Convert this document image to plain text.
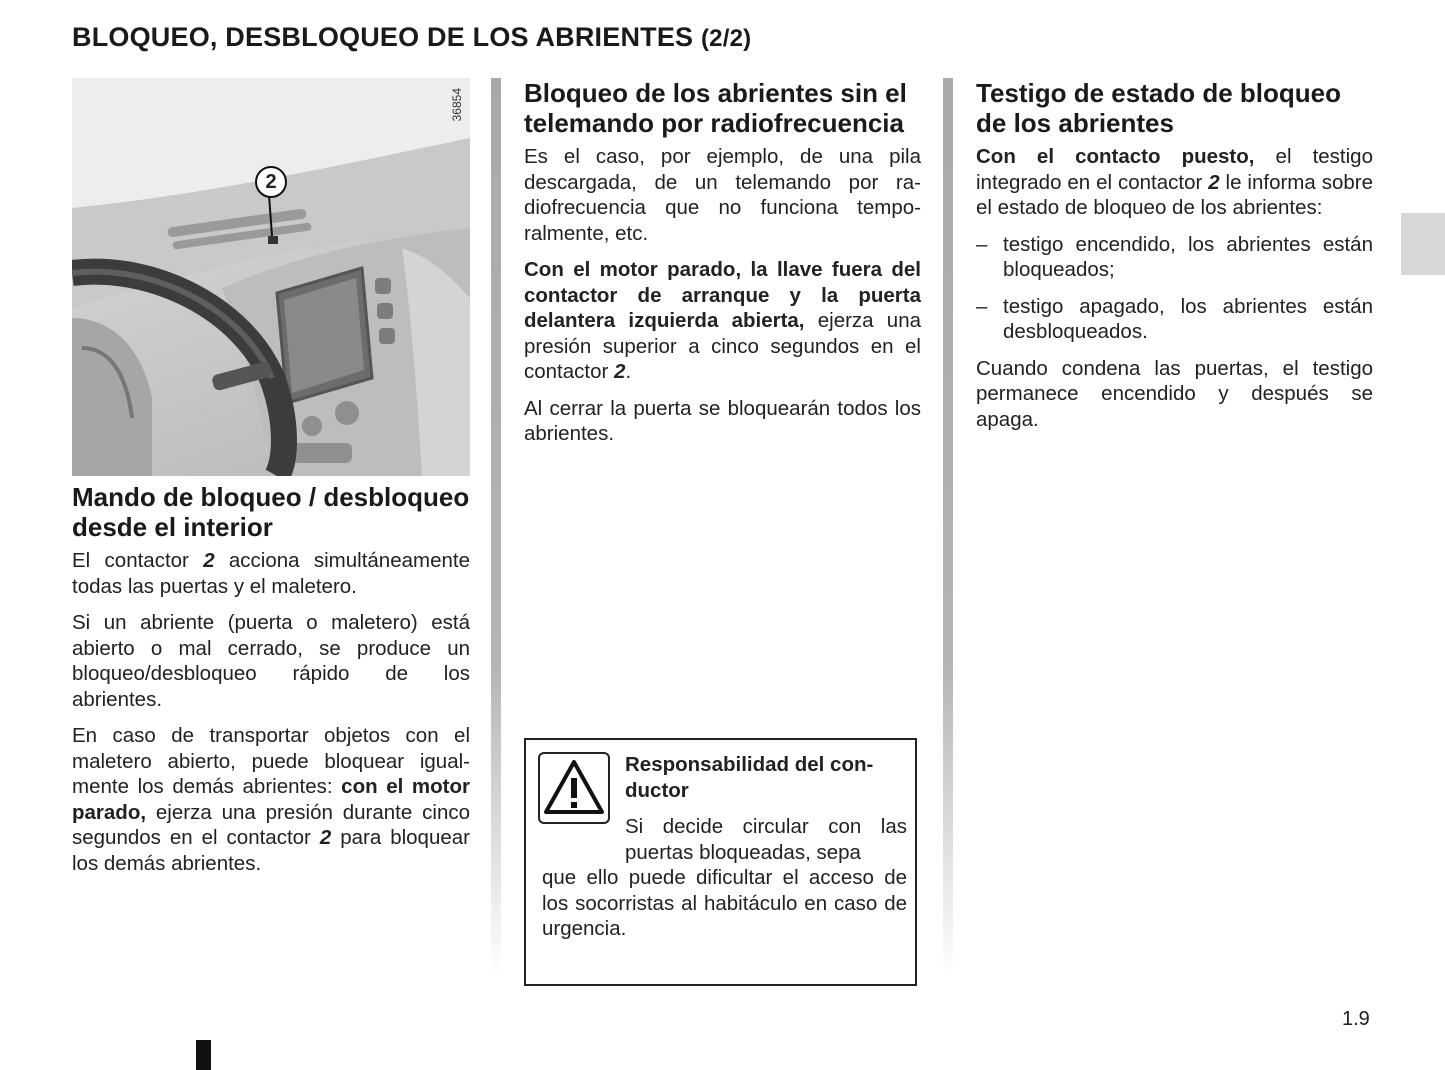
BLOQUEO, DESBLOQUEO DE LOS ABRIENTES (2/2)
2
36854
Mando de bloqueo / desbloqueo desde el interior

El contactor 2 acciona simultáneamente todas las puertas y el maletero.

Si un abriente (puerta o maletero) está abierto o mal cerrado, se produce un bloqueo/desbloqueo rápido de los abrientes.

En caso de transportar objetos con el maletero abierto, puede bloquear igualmente los demás abrientes: con el motor parado, ejerza una presión durante cinco segundos en el contactor 2 para bloquear los demás abrientes.

Bloqueo de los abrientes sin el telemando por radiofrecuencia

Es el caso, por ejemplo, de una pila descargada, de un telemando por radiofrecuencia que no funciona temporalmente, etc.

Con el motor parado, la llave fuera del contactor de arranque y la puerta delantera izquierda abierta, ejerza una presión superior a cinco segundos en el contactor 2.

Al cerrar la puerta se bloquearán todos los abrientes.

Responsabilidad del conductor
Si decide circular con las puertas bloqueadas, sepa
que ello puede dificultar el acceso de los socorristas al habitáculo en caso de urgencia.
Testigo de estado de bloqueo de los abrientes

Con el contacto puesto, el testigo integrado en el contactor 2 le informa sobre el estado de bloqueo de los abrientes:

– testigo encendido, los abrientes están bloqueados;
– testigo apagado, los abrientes están desbloqueados.

Cuando condena las puertas, el testigo permanece encendido y después se apaga.

1.9
